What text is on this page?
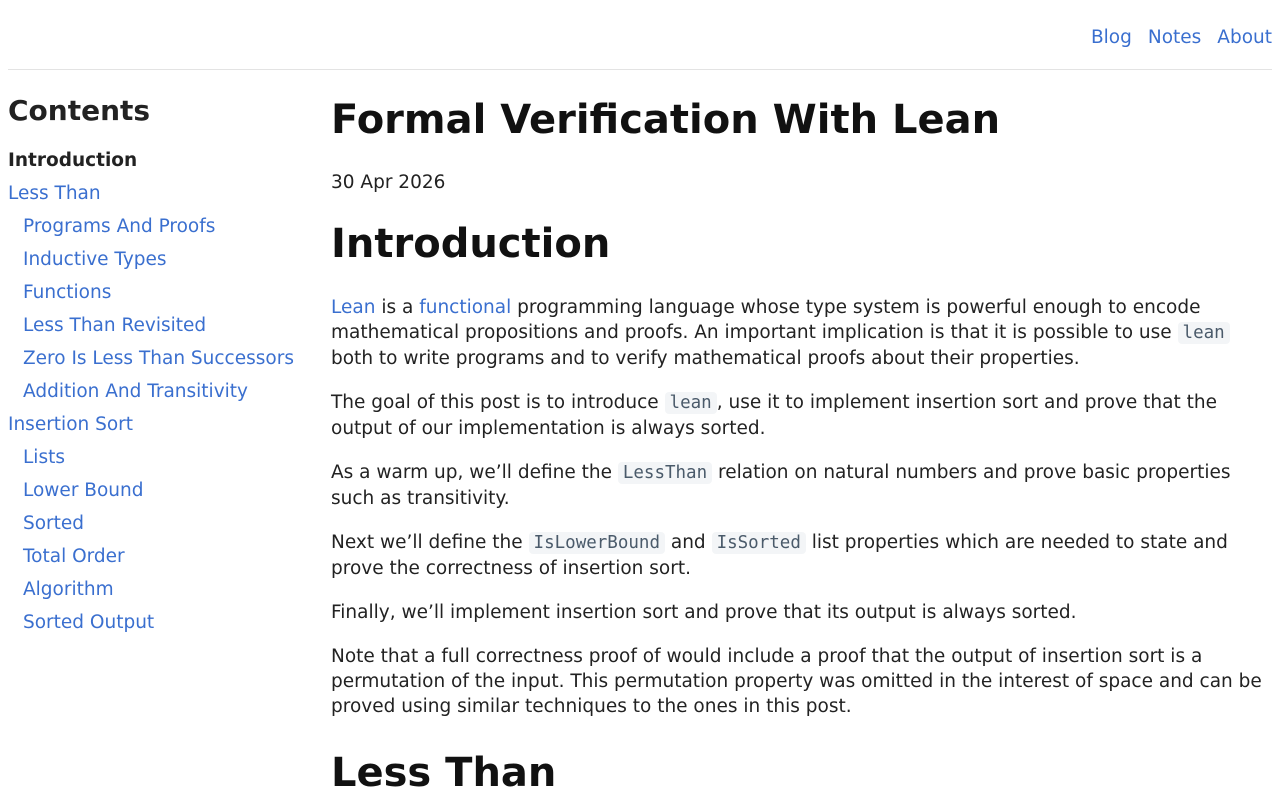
Blog Notes About
Contents
Introduction
Less Than
Programs And Proofs
Inductive Types
Functions
Less Than Revisited
Zero Is Less Than Successors
Addition And Transitivity
Insertion Sort
Lists
Lower Bound
Sorted
Total Order
Algorithm
Sorted Output
Formal Verification With Lean
30 Apr 2026
Introduction

Lean is a functional programming language whose type system is powerful enough to encode mathematical propositions and proofs. An important implication is that it is possible to use lean both to write programs and to verify mathematical proofs about their properties.

The goal of this post is to introduce lean , use it to implement insertion sort and prove that the output of our implementation is always sorted.

As a warm up, we’ll define the LessThan relation on natural numbers and prove basic properties such as transitivity.

Next we’ll define the IsLowerBound and IsSorted list properties which are needed to state and prove the correctness of insertion sort.

Finally, we’ll implement insertion sort and prove that its output is always sorted.

Note that a full correctness proof of would include a proof that the output of insertion sort is a permutation of the input. This permutation property was omitted in the interest of space and can be proved using similar techniques to the ones in this post.

Less Than
